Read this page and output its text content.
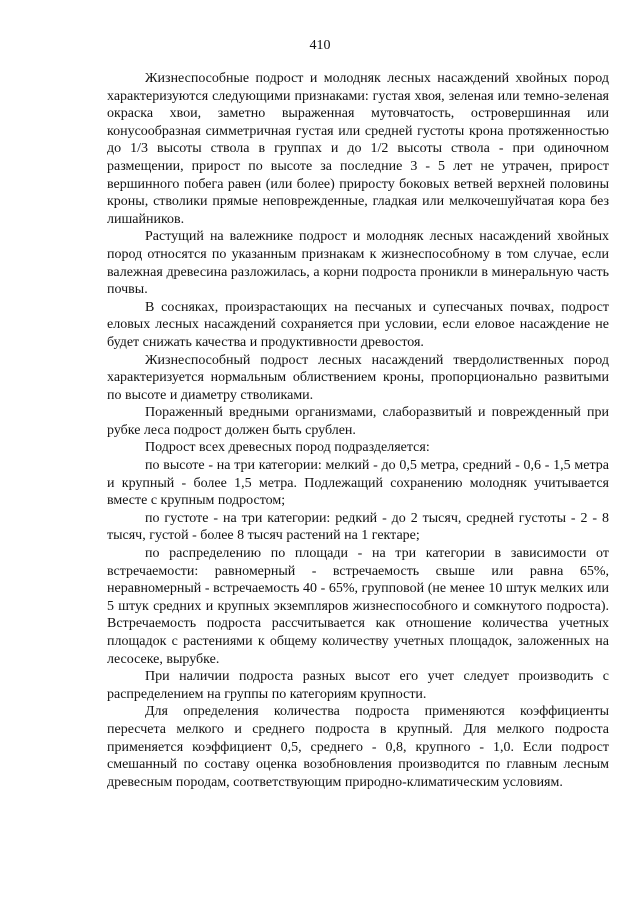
410

Жизнеспособные подрост и молодняк лесных насаждений хвойных пород характеризуются следующими признаками: густая хвоя, зеленая или темно-зеленая окраска хвои, заметно выраженная мутовчатость, островершинная или конусообразная симметричная густая или средней густоты крона протяженностью до 1/3 высоты ствола в группах и до 1/2 высоты ствола - при одиночном размещении, прирост по высоте за последние 3 - 5 лет не утрачен, прирост вершинного побега равен (или более) приросту боковых ветвей верхней половины кроны, стволики прямые неповрежденные, гладкая или мелкочешуйчатая кора без лишайников.

Растущий на валежнике подрост и молодняк лесных насаждений хвойных пород относятся по указанным признакам к жизнеспособному в том случае, если валежная древесина разложилась, а корни подроста проникли в минеральную часть почвы.

В сосняках, произрастающих на песчаных и супесчаных почвах, подрост еловых лесных насаждений сохраняется при условии, если еловое насаждение не будет снижать качества и продуктивности древостоя.

Жизнеспособный подрост лесных насаждений твердолиственных пород характеризуется нормальным облиствением кроны, пропорционально развитыми по высоте и диаметру стволиками.

Пораженный вредными организмами, слаборазвитый и поврежденный при рубке леса подрост должен быть срублен.

Подрост всех древесных пород подразделяется:

по высоте - на три категории: мелкий - до 0,5 метра, средний - 0,6 - 1,5 метра и крупный - более 1,5 метра. Подлежащий сохранению молодняк учитывается вместе с крупным подростом;

по густоте - на три категории: редкий - до 2 тысяч, средней густоты - 2 - 8 тысяч, густой - более 8 тысяч растений на 1 гектаре;

по распределению по площади - на три категории в зависимости от встречаемости: равномерный - встречаемость свыше или равна 65%, неравномерный - встречаемость 40 - 65%, групповой (не менее 10 штук мелких или 5 штук средних и крупных экземпляров жизнеспособного и сомкнутого подроста). Встречаемость подроста рассчитывается как отношение количества учетных площадок с растениями к общему количеству учетных площадок, заложенных на лесосеке, вырубке.

При наличии подроста разных высот его учет следует производить с распределением на группы по категориям крупности.

Для определения количества подроста применяются коэффициенты пересчета мелкого и среднего подроста в крупный. Для мелкого подроста применяется коэффициент 0,5, среднего - 0,8, крупного - 1,0. Если подрост смешанный по составу оценка возобновления производится по главным лесным древесным породам, соответствующим природно-климатическим условиям.
